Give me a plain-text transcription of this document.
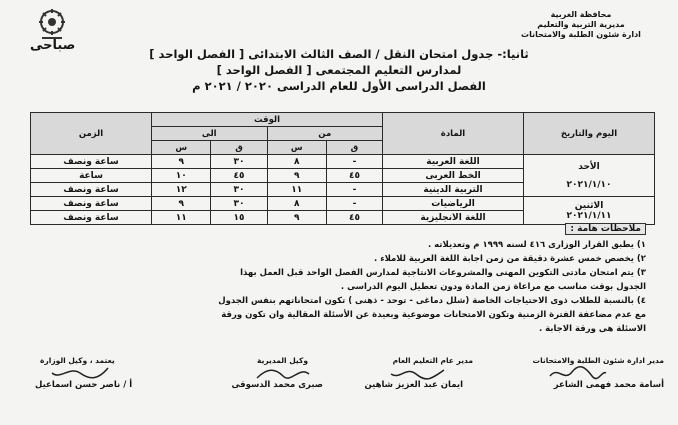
محافظة الغربية
مديرية التربية والتعليم
ادارة شئون الطلبة والامتحانات
صباحى
ثانيا:- جدول امتحان النقل / الصف الثالث الابتدائى [ الفصل الواحد ]
لمدارس التعليم المجتمعى [ الفصل الواحد ]
الفصل الدراسى الأول للعام الدراسى ٢٠٢٠ / ٢٠٢١ م
اليوم والتاريخ	المادة	الوقت				الزمن
		من		الى		
		ق	س	ق	س	

الأحد
٢٠٢١/١/١٠	اللغة العربية	-	٨	٣٠	٩	ساعة ونصف
	الخط العربى	٤٥	٩	٤٥	١٠	ساعة
	التربية الدينية	-	١١	٣٠	١٢	ساعة ونصف

الاثنين
٢٠٢١/١/١١	الرياضيات	-	٨	٣٠	٩	ساعة ونصف
	اللغة الانجليزية	٤٥	٩	١٥	١١	ساعة ونصف
ملاحظات هامة :
١) يطبق القرار الوزارى ٤١٦ لسنه ١٩٩٩ م وتعديلاته .
٢) يخصص خمس عشرة دقيقة من زمن اجابة اللغة العربية للاملاء .
٣) يتم امتحان مادتى التكوين المهنى والمشروعات الانتاجية لمدارس الفصل الواحد قبل العمل بهذا
الجدول بوقت مناسب مع مراعاة زمن المادة ودون تعطيل اليوم الدراسى .
٤) بالنسبة للطلاب ذوى الاحتياجات الخاصة (شلل دماغى - توحد - ذهنى ) تكون امتحاناتهم بنفس الجدول
مع عدم مضاعفة الفترة الزمنية وتكون الامتحانات موضوعية وبعيدة عن الأسئلة المقالية وان تكون ورقة
الاسئلة هى ورقة الاجابة .
مدير ادارة شئون الطلبة والامتحانات
أسامة محمد فهمى الشاعر
مدير عام التعليم العام
ايمان عبد العزيز شاهين
وكيل المديرية
صبرى محمد الدسوقى
يعتمد ، وكيل الوزارة
أ / ناصر حسن اسماعيل
